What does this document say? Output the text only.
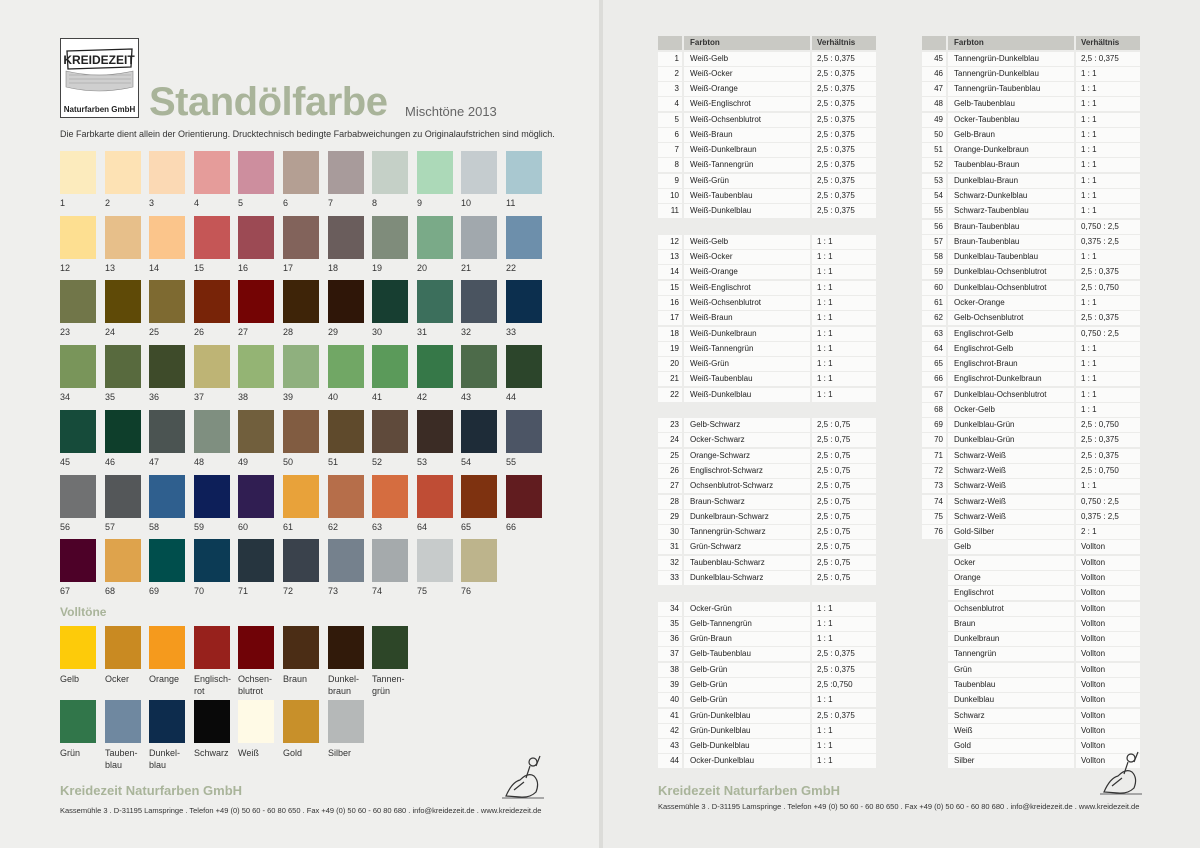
KREIDEZEIT
Naturfarben GmbH Standölfarbe Mischtöne 2013
Die Farbkarte dient allein der Orientierung. Drucktechnisch bedingte Farbabweichungen zu Originalaufstrichen sind möglich.
1	2	3	4	5	6	7	8	9	10	11
12	13	14	15	16	17	18	19	20	21	22
23	24	25	26	27	28	29	30	31	32	33
34	35	36	37	38	39	40	41	42	43	44
45	46	47	48	49	50	51	52	53	54	55
56	57	58	59	60	61	62	63	64	65	66
67	68	69	70	71	72	73	74	75	76
Volltöne
Gelb	Ocker	Orange	Englisch-
rot
Ochsen-
blutrot
Braun	Dunkel-
braun
Tannen-
grün
Grün	Tauben-
blau
Dunkel-
blau
Schwarz	Weiß	Gold	Silber
Kreidezeit Naturfarben GmbH
Kassemühle 3 . D-31195 Lamspringe . Telefon +49 (0) 50 60 - 60 80 650 . Fax +49 (0) 50 60 - 60 80 680 . info@kreidezeit.de . www.kreidezeit.de
Farbton	Verhältnis
1	Weiß-Gelb	2,5 : 0,375
2	Weiß-Ocker	2,5 : 0,375
3	Weiß-Orange	2,5 : 0,375
4	Weiß-Englischrot	2,5 : 0,375
5	Weiß-Ochsenblutrot	2,5 : 0,375
6	Weiß-Braun	2,5 : 0,375
7	Weiß-Dunkelbraun	2,5 : 0,375
8	Weiß-Tannengrün	2,5 : 0,375
9	Weiß-Grün	2,5 : 0,375
10	Weiß-Taubenblau	2,5 : 0,375
11	Weiß-Dunkelblau	2,5 : 0,375
12	Weiß-Gelb	1 : 1
13	Weiß-Ocker	1 : 1
14	Weiß-Orange	1 : 1
15	Weiß-Englischrot	1 : 1
16	Weiß-Ochsenblutrot	1 : 1
17	Weiß-Braun	1 : 1
18	Weiß-Dunkelbraun	1 : 1
19	Weiß-Tannengrün	1 : 1
20	Weiß-Grün	1 : 1
21	Weiß-Taubenblau	1 : 1
22	Weiß-Dunkelblau	1 : 1
23	Gelb-Schwarz	2,5 : 0,75
24	Ocker-Schwarz	2,5 : 0,75
25	Orange-Schwarz	2,5 : 0,75
26	Englischrot-Schwarz	2,5 : 0,75
27	Ochsenblutrot-Schwarz	2,5 : 0,75
28	Braun-Schwarz	2,5 : 0,75
29	Dunkelbraun-Schwarz	2,5 : 0,75
30	Tannengrün-Schwarz	2,5 : 0,75
31	Grün-Schwarz	2,5 : 0,75
32	Taubenblau-Schwarz	2,5 : 0,75
33	Dunkelblau-Schwarz	2,5 : 0,75
34	Ocker-Grün	1 : 1
35	Gelb-Tannengrün	1 : 1
36	Grün-Braun	1 : 1
37	Gelb-Taubenblau	2,5 : 0,375
38	Gelb-Grün	2,5 : 0,375
39	Gelb-Grün	2,5 :0,750
40	Gelb-Grün	1 : 1
41	Grün-Dunkelblau	2,5 : 0,375
42	Grün-Dunkelblau	1 : 1
43	Gelb-Dunkelblau	1 : 1
44	Ocker-Dunkelblau	1 : 1
Farbton	Verhältnis
45	Tannengrün-Dunkelblau	2,5 : 0,375
46	Tannengrün-Dunkelblau	1 : 1
47	Tannengrün-Taubenblau	1 : 1
48	Gelb-Taubenblau	1 : 1
49	Ocker-Taubenblau	1 : 1
50	Gelb-Braun	1 : 1
51	Orange-Dunkelbraun	1 : 1
52	Taubenblau-Braun	1 : 1
53	Dunkelblau-Braun	1 : 1
54	Schwarz-Dunkelblau	1 : 1
55	Schwarz-Taubenblau	1 : 1
56	Braun-Taubenblau	0,750 : 2,5
57	Braun-Taubenblau	0,375 : 2,5
58	Dunkelblau-Taubenblau	1 : 1
59	Dunkelblau-Ochsenblutrot	2,5 : 0,375
60	Dunkelblau-Ochsenblutrot	2,5 : 0,750
61	Ocker-Orange	1 : 1
62	Gelb-Ochsenblutrot	2,5 : 0,375
63	Englischrot-Gelb	0,750 : 2,5
64	Englischrot-Gelb	1 : 1
65	Englischrot-Braun	1 : 1
66	Englischrot-Dunkelbraun	1 : 1
67	Dunkelblau-Ochsenblutrot	1 : 1
68	Ocker-Gelb	1 : 1
69	Dunkelblau-Grün	2,5 : 0,750
70	Dunkelblau-Grün	2,5 : 0,375
71	Schwarz-Weiß	2,5 : 0,375
72	Schwarz-Weiß	2,5 : 0,750
73	Schwarz-Weiß	1 : 1
74	Schwarz-Weiß	0,750 : 2,5
75	Schwarz-Weiß	0,375 : 2,5
76	Gold-Silber	2 : 1
Gelb	Vollton
Ocker	Vollton
Orange	Vollton
Englischrot	Vollton
Ochsenblutrot	Vollton
Braun	Vollton
Dunkelbraun	Vollton
Tannengrün	Vollton
Grün	Vollton
Taubenblau	Vollton
Dunkelblau	Vollton
Schwarz	Vollton
Weiß	Vollton
Gold	Vollton
Silber	Vollton
Kreidezeit Naturfarben GmbH
Kassemühle 3 . D-31195 Lamspringe . Telefon +49 (0) 50 60 - 60 80 650 . Fax +49 (0) 50 60 - 60 80 680 . info@kreidezeit.de . www.kreidezeit.de
